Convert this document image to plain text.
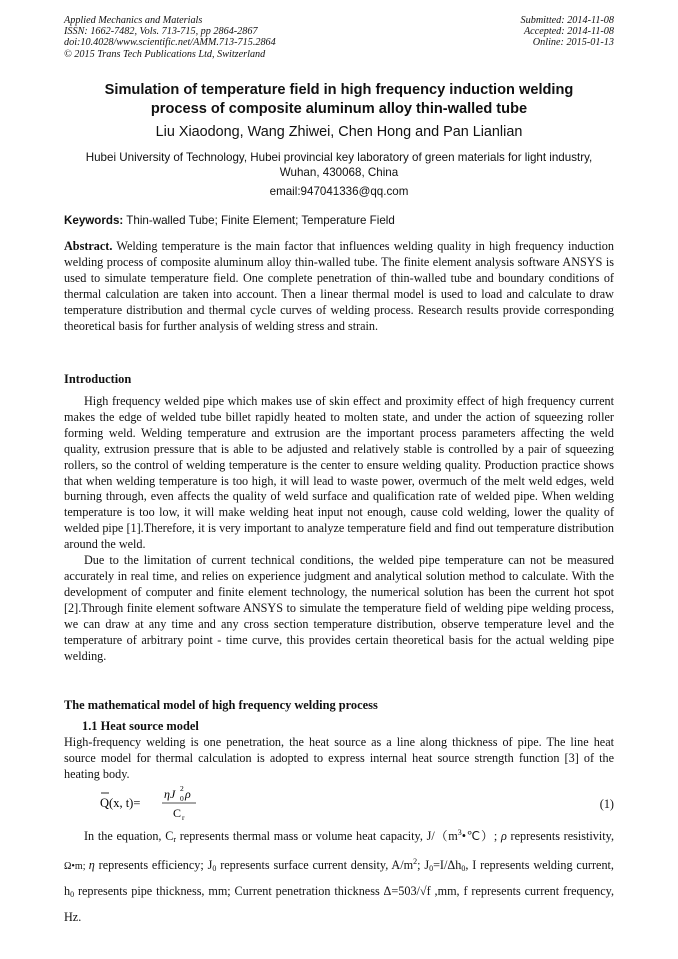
Applied Mechanics and Materials
ISSN: 1662-7482, Vols. 713-715, pp 2864-2867
doi:10.4028/www.scientific.net/AMM.713-715.2864
© 2015 Trans Tech Publications Ltd, Switzerland
Submitted: 2014-11-08
Accepted: 2014-11-08
Online: 2015-01-13
Simulation of temperature field in high frequency induction welding
process of composite aluminum alloy thin-walled tube
Liu Xiaodong, Wang Zhiwei, Chen Hong and Pan Lianlian
Hubei University of Technology, Hubei provincial key laboratory of green materials for light industry,
Wuhan, 430068, China
email:947041336@qq.com
Keywords: Thin-walled Tube; Finite Element; Temperature Field

Abstract. Welding temperature is the main factor that influences welding quality in high frequency induction welding process of composite aluminum alloy thin-walled tube. The finite element analysis software ANSYS is used to simulate temperature field. One complete penetration of thin-walled tube and boundary conditions of thermal calculation are taken into account. Then a linear thermal model is used to load and calculate to draw temperature distribution and thermal cycle curves of welding process. Research results provide corresponding theoretical basis for further analysis of welding stress and strain.

Introduction

High frequency welded pipe which makes use of skin effect and proximity effect of high frequency current makes the edge of welded tube billet rapidly heated to molten state, and under the action of squeezing roller forming weld. Welding temperature and extrusion are the important process parameters affecting the weld quality, extrusion pressure that is able to be adjusted and relatively stable is controlled by a pair of squeezing rollers, so the control of welding temperature is the center to ensure welding quality. Production practice shows that when welding temperature is too high, it will lead to waste power, overmuch of the melt weld edges, weld burning through, even affects the quality of weld surface and qualification rate of welded pipe. When welding temperature is too low, it will make welding heat input not enough, cause cold welding, lower the quality of welded pipe [1].Therefore, it is very important to analyze temperature field and find out temperature distribution around the weld.

Due to the limitation of current technical conditions, the welded pipe temperature can not be measured accurately in real time, and relies on experience judgment and analytical solution method to calculate. With the development of computer and finite element technology, the numerical solution has been the current hot spot [2].Through finite element software ANSYS to simulate the temperature field of welding pipe welding process, we can draw at any time and any cross section temperature distribution, observe temperature level and the temperature of arbitrary point - time curve, this provides certain theoretical basis for the actual welding pipe welding.

The mathematical model of high frequency welding process
1.1 Heat source model

High-frequency welding is one penetration, the heat source as a line along thickness of pipe. The line heat source model for thermal calculation is adopted to express internal heat source strength function [3] of the heating body.

Q(x, t)=
ηJ 2
0 ρ
C r
(1)

In the equation, $C_r$ represents thermal mass or volume heat capacity, $J/(m^3•℃)$; ρ represents resistivity, Ω•m; η represents efficiency; $J_0$ represents surface current density, $A/m^2$; $J_0=I/\Delta h_0$, I represents welding current, $h_0$ represents pipe thickness, mm; Current penetration thickness Δ=503/√f ,mm, f represents current frequency, Hz.
